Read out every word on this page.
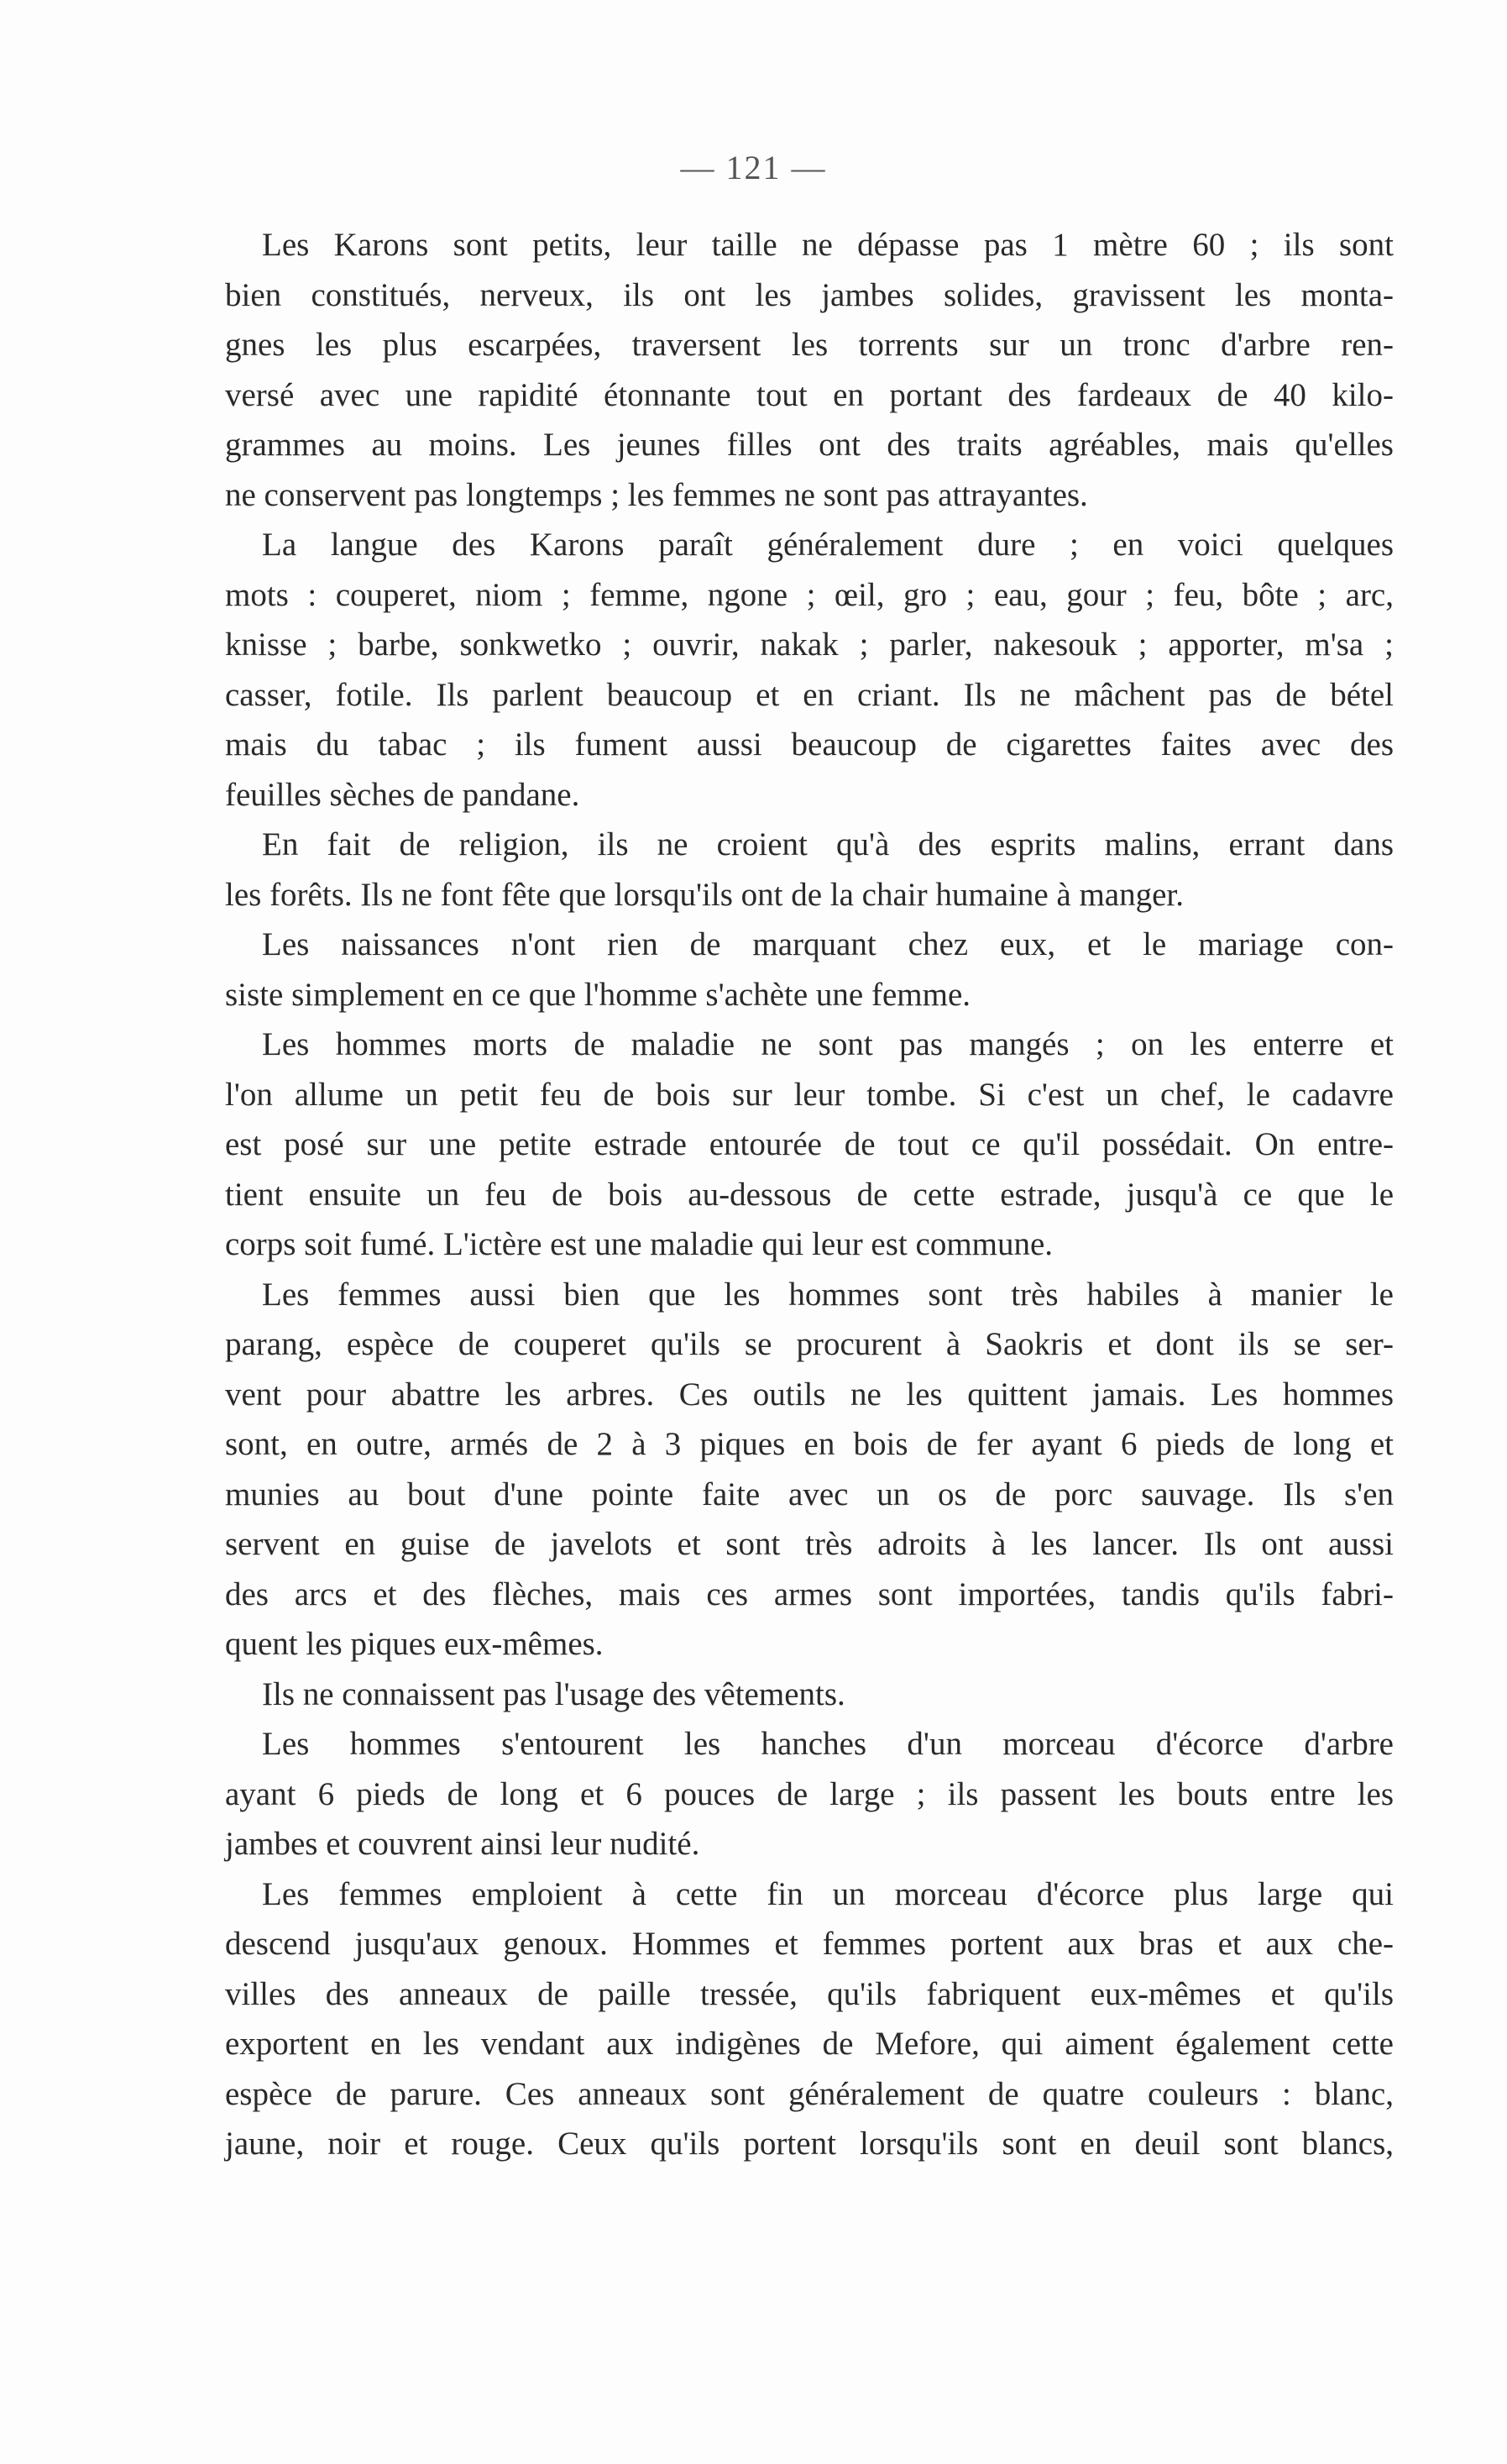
— 121 —
Les Karons sont petits, leur taille ne dépasse pas 1 mètre 60 ; ils sont
bien constitués, nerveux, ils ont les jambes solides, gravissent les monta-
gnes les plus escarpées, traversent les torrents sur un tronc d'arbre ren-
versé avec une rapidité étonnante tout en portant des fardeaux de 40 kilo-
grammes au moins. Les jeunes filles ont des traits agréables, mais qu'elles
ne conservent pas longtemps ; les femmes ne sont pas attrayantes.
La langue des Karons paraît généralement dure ; en voici quelques
mots : couperet, niom ; femme, ngone ; œil, gro ; eau, gour ; feu, bôte ; arc,
knisse ; barbe, sonkwetko ; ouvrir, nakak ; parler, nakesouk ; apporter, m'sa ;
casser, fotile. Ils parlent beaucoup et en criant. Ils ne mâchent pas de bétel
mais du tabac ; ils fument aussi beaucoup de cigarettes faites avec des
feuilles sèches de pandane.
En fait de religion, ils ne croient qu'à des esprits malins, errant dans
les forêts. Ils ne font fête que lorsqu'ils ont de la chair humaine à manger.
Les naissances n'ont rien de marquant chez eux, et le mariage con-
siste simplement en ce que l'homme s'achète une femme.
Les hommes morts de maladie ne sont pas mangés ; on les enterre et
l'on allume un petit feu de bois sur leur tombe. Si c'est un chef, le cadavre
est posé sur une petite estrade entourée de tout ce qu'il possédait. On entre-
tient ensuite un feu de bois au-dessous de cette estrade, jusqu'à ce que le
corps soit fumé. L'ictère est une maladie qui leur est commune.
Les femmes aussi bien que les hommes sont très habiles à manier le
parang, espèce de couperet qu'ils se procurent à Saokris et dont ils se ser-
vent pour abattre les arbres. Ces outils ne les quittent jamais. Les hommes
sont, en outre, armés de 2 à 3 piques en bois de fer ayant 6 pieds de long et
munies au bout d'une pointe faite avec un os de porc sauvage. Ils s'en
servent en guise de javelots et sont très adroits à les lancer. Ils ont aussi
des arcs et des flèches, mais ces armes sont importées, tandis qu'ils fabri-
quent les piques eux-mêmes.
Ils ne connaissent pas l'usage des vêtements.
Les hommes s'entourent les hanches d'un morceau d'écorce d'arbre
ayant 6 pieds de long et 6 pouces de large ; ils passent les bouts entre les
jambes et couvrent ainsi leur nudité.
Les femmes emploient à cette fin un morceau d'écorce plus large qui
descend jusqu'aux genoux. Hommes et femmes portent aux bras et aux che-
villes des anneaux de paille tressée, qu'ils fabriquent eux-mêmes et qu'ils
exportent en les vendant aux indigènes de Mefore, qui aiment également cette
espèce de parure. Ces anneaux sont généralement de quatre couleurs : blanc,
jaune, noir et rouge. Ceux qu'ils portent lorsqu'ils sont en deuil sont blancs,
